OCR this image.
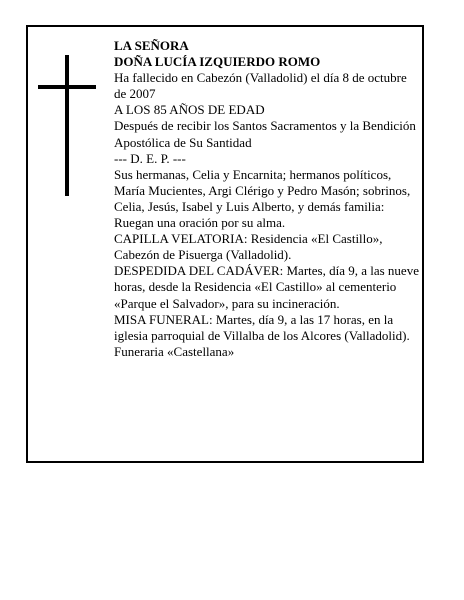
LA SEÑORA

DOÑA LUCÍA IZQUIERDO ROMO

Ha fallecido en Cabezón (Valladolid) el día 8 de octubre de 2007

A LOS 85 AÑOS DE EDAD

Después de recibir los Santos Sacramentos y la Bendición Apostólica de Su Santidad

--- D. E. P. ---

Sus hermanas, Celia y Encarnita; hermanos políticos, María Mucientes, Argi Clérigo y Pedro Masón; sobrinos, Celia, Jesús, Isabel y Luis Alberto, y demás familia:

Ruegan una oración por su alma.

CAPILLA VELATORIA: Residencia «El Castillo», Cabezón de Pisuerga (Valladolid).

DESPEDIDA DEL CADÁVER: Martes, día 9, a las nueve horas, desde la Residencia «El Castillo» al cementerio «Parque el Salvador», para su incineración.

MISA FUNERAL: Martes, día 9, a las 17 horas, en la iglesia parroquial de Villalba de los Alcores (Valladolid).

Funeraria «Castellana»
